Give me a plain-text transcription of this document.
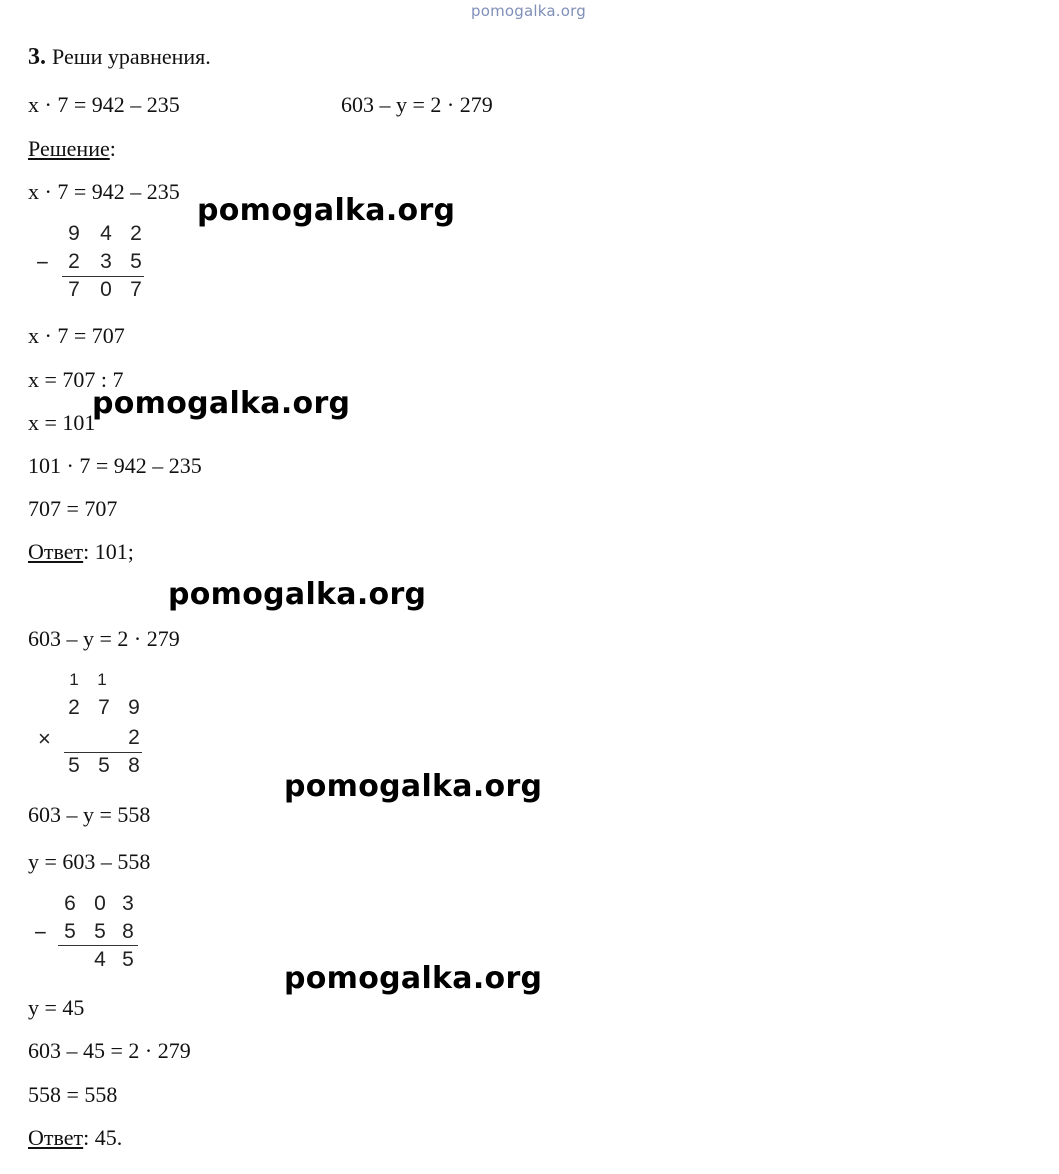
pomogalka.org
3. Реши уравнения.
x · 7 = 942 – 235	603 – y = 2 · 279
Решение:
x · 7 = 942 – 235
−
9 4 2
2 3 5
7 0 7
x · 7 = 707
x = 707 : 7
x = 101
101 · 7 = 942 – 235
707 = 707
Ответ: 101;
603 – y = 2 · 279
1 1
2 7 9
×	2
5 5 8
603 – y = 558
y = 603 – 558
−
6 0 3
5 5 8
4 5
y = 45
603 – 45 = 2 · 279
558 = 558
Ответ: 45.
pomogalka.org
pomogalka.org
pomogalka.org
pomogalka.org
pomogalka.org
